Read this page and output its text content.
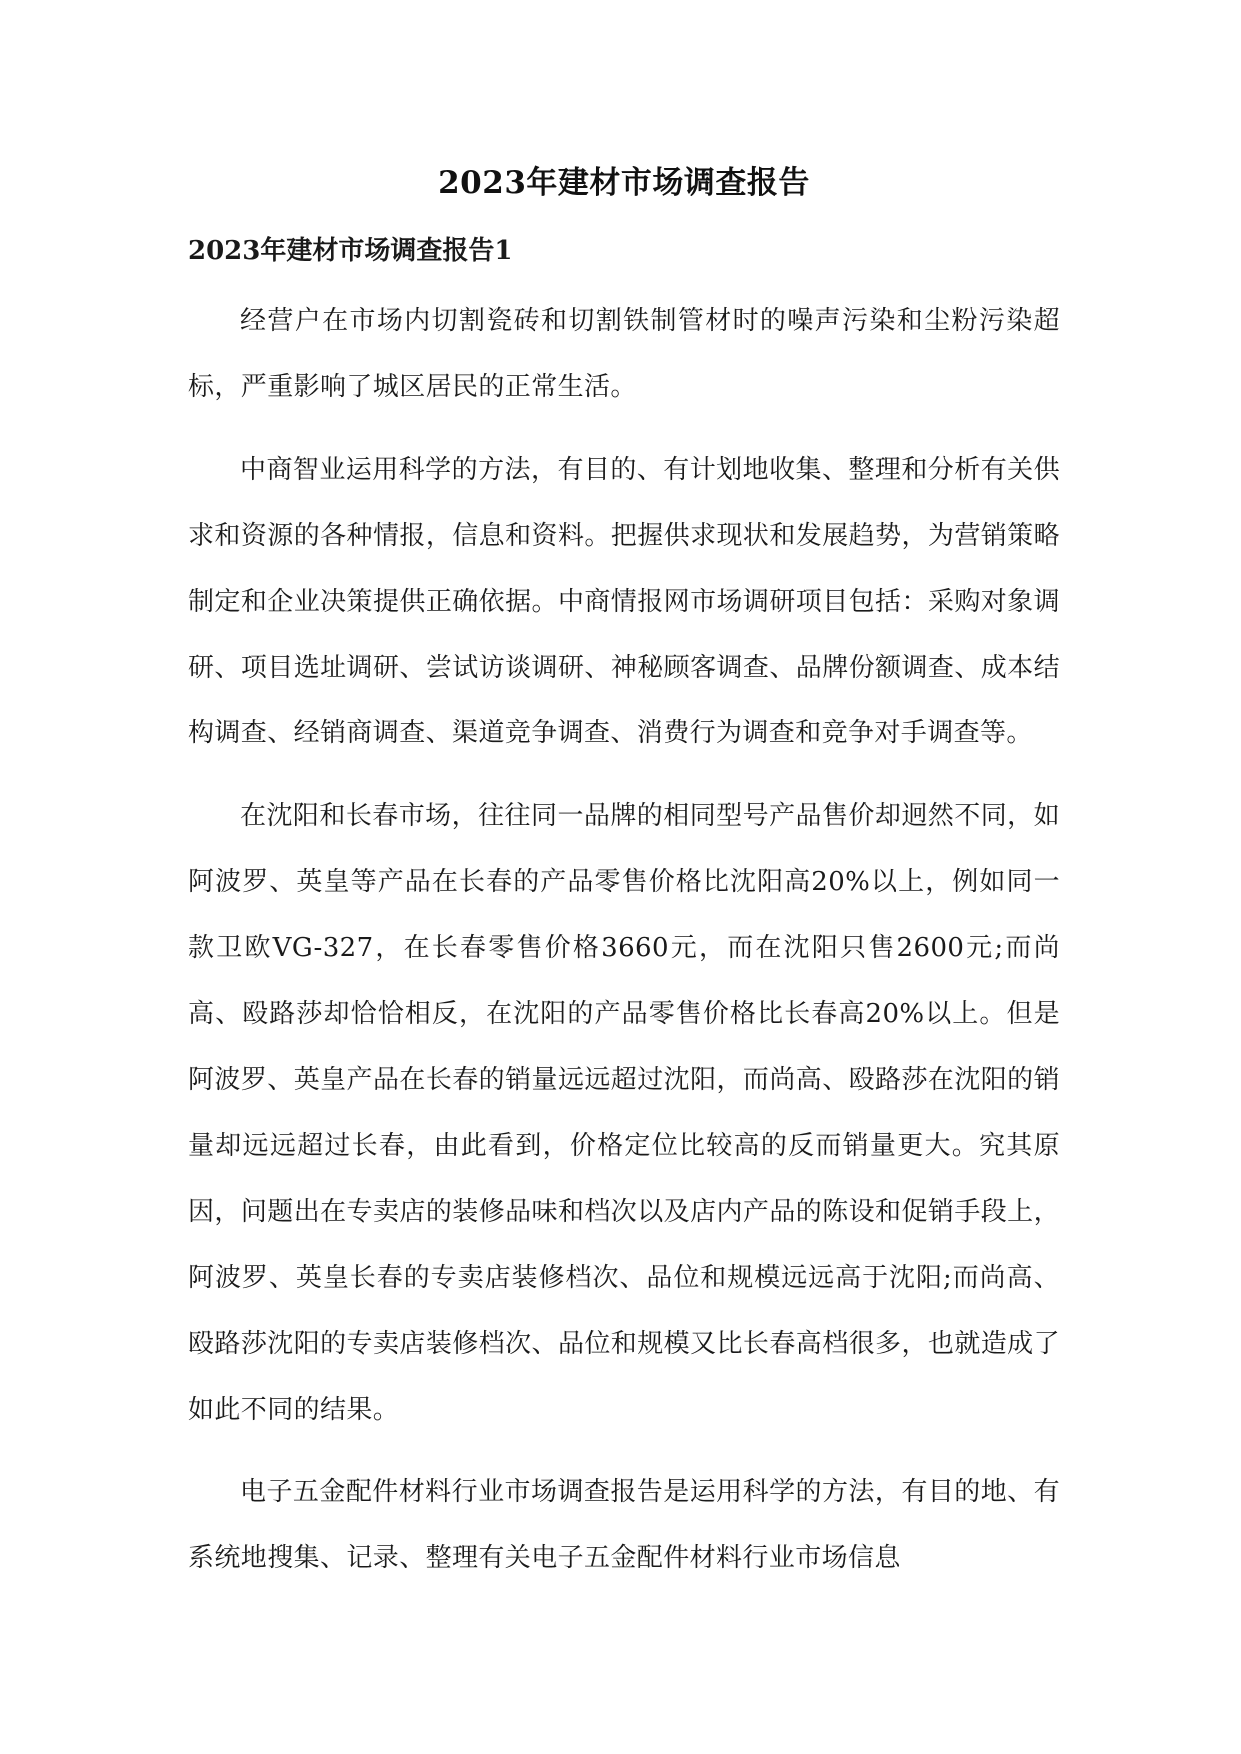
2023年建材市场调查报告
2023年建材市场调查报告1

经营户在市场内切割瓷砖和切割铁制管材时的噪声污染和尘粉污染超标，严重影响了城区居民的正常生活。

中商智业运用科学的方法，有目的、有计划地收集、整理和分析有关供求和资源的各种情报，信息和资料。把握供求现状和发展趋势，为营销策略制定和企业决策提供正确依据。中商情报网市场调研项目包括：采购对象调研、项目选址调研、尝试访谈调研、神秘顾客调查、品牌份额调查、成本结构调查、经销商调查、渠道竞争调查、消费行为调查和竞争对手调查等。

在沈阳和长春市场，往往同一品牌的相同型号产品售价却迥然不同，如阿波罗、英皇等产品在长春的产品零售价格比沈阳高20%以上，例如同一款卫欧VG-327，在长春零售价格3660元，而在沈阳只售2600元;而尚高、殴路莎却恰恰相反，在沈阳的产品零售价格比长春高20%以上。但是阿波罗、英皇产品在长春的销量远远超过沈阳，而尚高、殴路莎在沈阳的销量却远远超过长春，由此看到，价格定位比较高的反而销量更大。究其原因，问题出在专卖店的装修品味和档次以及店内产品的陈设和促销手段上，阿波罗、英皇长春的专卖店装修档次、品位和规模远远高于沈阳;而尚高、殴路莎沈阳的专卖店装修档次、品位和规模又比长春高档很多，也就造成了如此不同的结果。

电子五金配件材料行业市场调查报告是运用科学的方法，有目的地、有系统地搜集、记录、整理有关电子五金配件材料行业市场信息
